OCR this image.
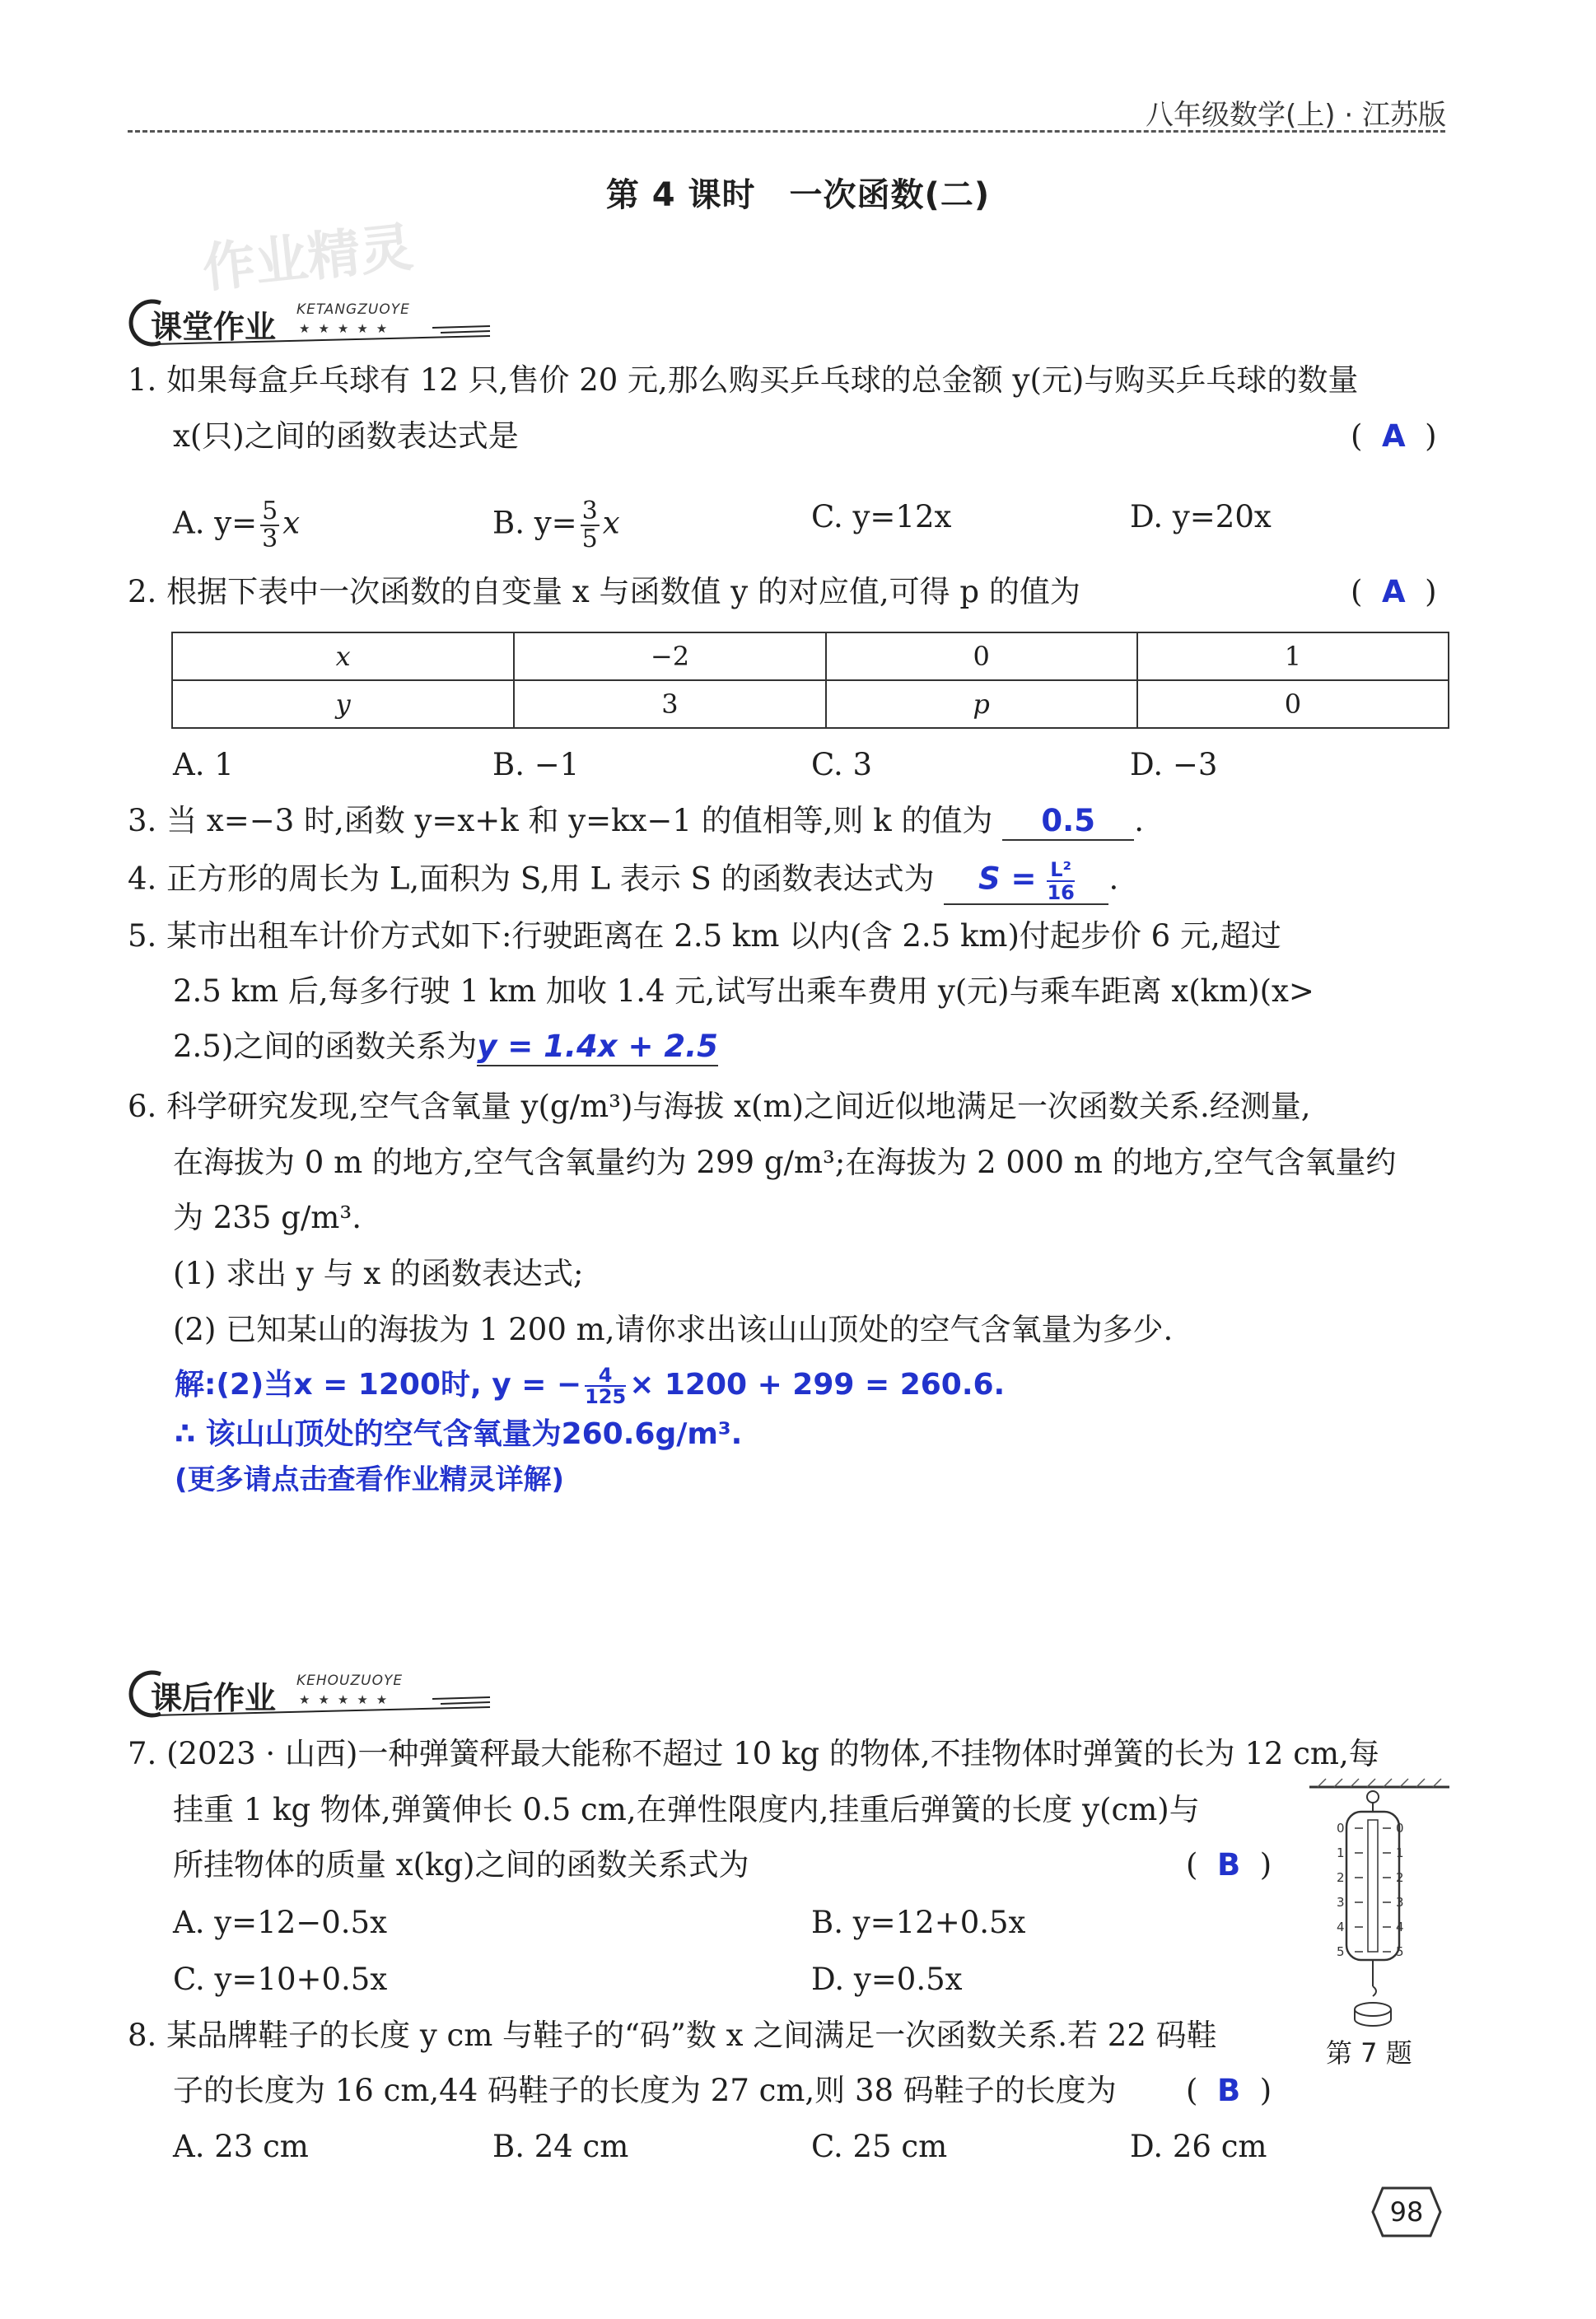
八年级数学(上) · 江苏版
第 4 课时　一次函数(二)
作业精灵
课堂作业 KETANGZUOYE
★★★★★
1. 如果每盒乒乓球有 12 只,售价 20 元,那么购买乒乓球的总金额 y(元)与购买乒乓球的数量
x(只)之间的函数表达式是	(  A  )
A. $y= \frac{5}{3}$ x	B. $y= \frac{3}{5}$ x	C. y=12x	D. y=20x
2. 根据下表中一次函数的自变量 x 与函数值 y 的对应值,可得 p 的值为	(  A  )
x	−2	0	1
y	3	p	0
A. 1	B. −1	C. 3	D. −3
3. 当 x=−3 时,函数 y=x+k 和 y=kx−1 的值相等,则 k 的值为 0.5 .
4. 正方形的周长为 L,面积为 S,用 L 表示 S 的函数表达式为 $S = \frac{\text{L²}}{16}$ .
5. 某市出租车计价方式如下:行驶距离在 2.5 km 以内(含 2.5 km)付起步价 6 元,超过
2.5 km 后,每多行驶 1 km 加收 1.4 元,试写出乘车费用 y(元)与乘车距离 x(km)(x>
2.5)之间的函数关系为y = 1.4x + 2.5
6. 科学研究发现,空气含氧量 y(g/m³)与海拔 x(m)之间近似地满足一次函数关系.经测量,
在海拔为 0 m 的地方,空气含氧量约为 299 g/m³;在海拔为 2 000 m 的地方,空气含氧量约
为 235 g/m³.
(1) 求出 y 与 x 的函数表达式;
(2) 已知某山的海拔为 1 200 m,请你求出该山山顶处的空气含氧量为多少.
解:(2)当x = 1200时, y = − $\frac{4}{125} \times 1200 + 299 = 260.6$.
∴ 该山山顶处的空气含氧量为260.6g/m³.
(更多请点击查看作业精灵详解)
课后作业 KEHOUZUOYE
★★★★★
7. (2023 · 山西)一种弹簧秤最大能称不超过 10 kg 的物体,不挂物体时弹簧的长为 12 cm,每
挂重 1 kg 物体,弹簧伸长 0.5 cm,在弹性限度内,挂重后弹簧的长度 y(cm)与
所挂物体的质量 x(kg)之间的函数关系式为	(  B  )
A. y=12−0.5x	B. y=12+0.5x
C. y=10+0.5x	D. y=0.5x
0	0
1	1
2	2
3	3
4	4
5	5
第 7 题
8. 某品牌鞋子的长度 y cm 与鞋子的“码”数 x 之间满足一次函数关系.若 22 码鞋
子的长度为 16 cm,44 码鞋子的长度为 27 cm,则 38 码鞋子的长度为 (  B  )
A. 23 cm	B. 24 cm	C. 25 cm	D. 26 cm
98
